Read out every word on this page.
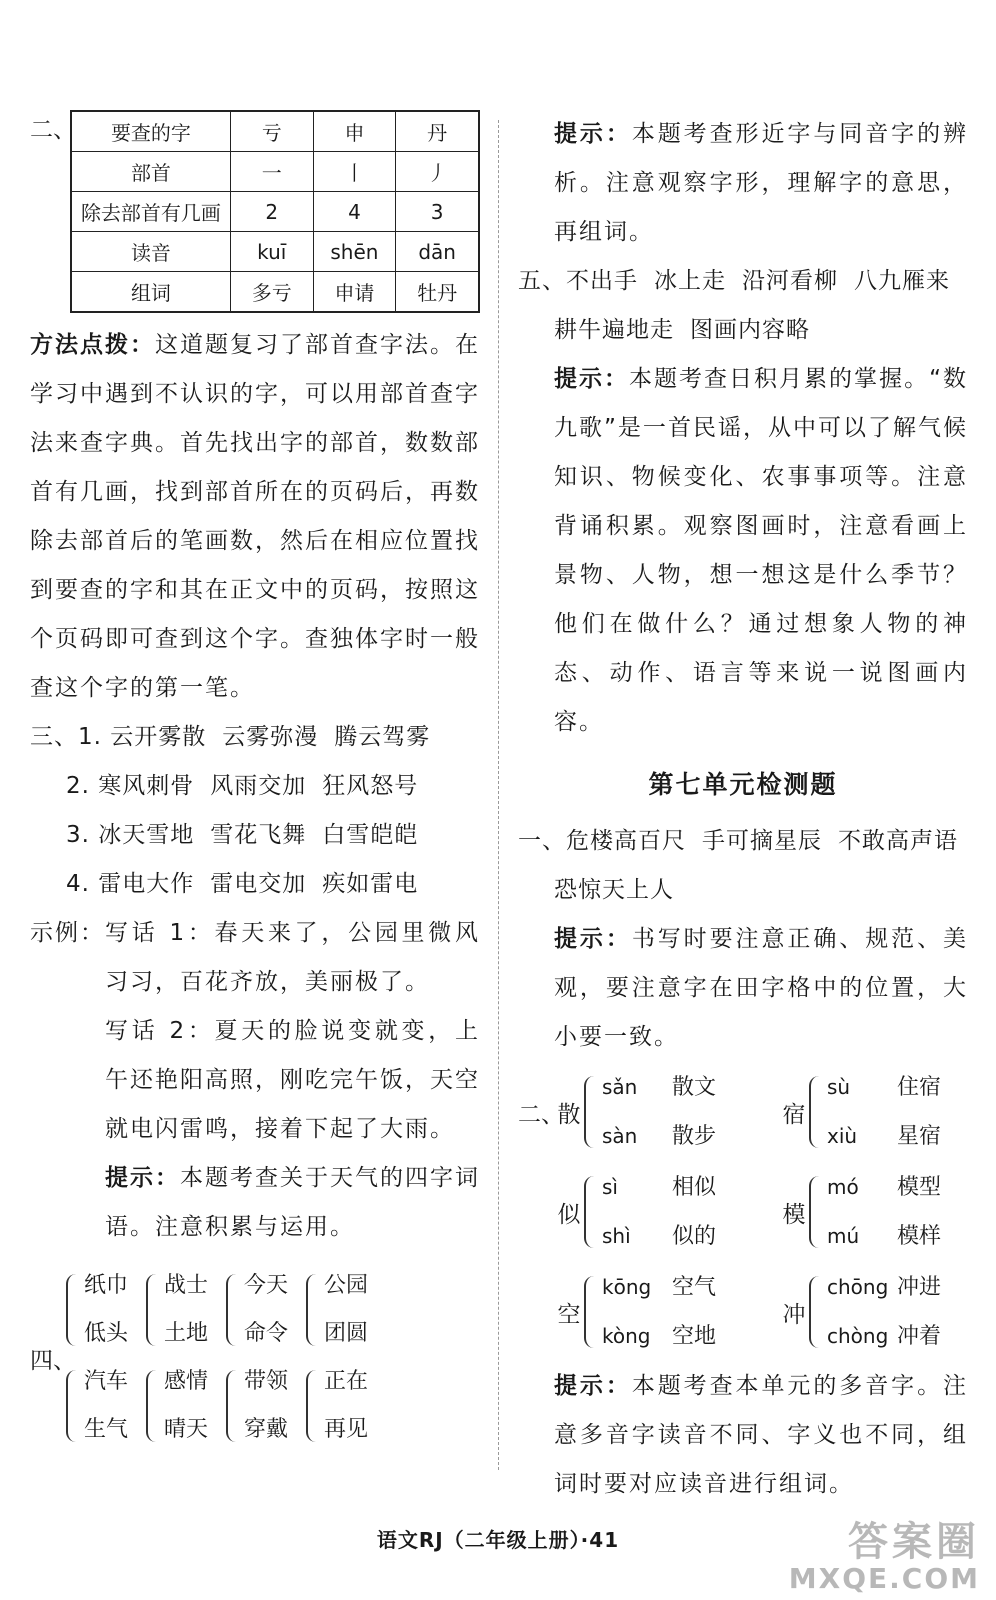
二、 要查的字	亏	申	丹
部首	一	丨	丿
除去部首有几画	2	4	3
读音	kuī	shēn	dān
组词	多亏	申请	牡丹
方法点拨：这道题复习了部首查字法。在学习中遇到不认识的字，可以用部首查字法来查字典。首先找出字的部首，数数部首有几画，找到部首所在的页码后，再数除去部首后的笔画数，然后在相应位置找到要查的字和其在正文中的页码，按照这个页码即可查到这个字。查独体字时一般查这个字的第一笔。
三、1. 云开雾散 云雾弥漫 腾云驾雾
2. 寒风刺骨 风雨交加 狂风怒号
3. 冰天雪地 雪花飞舞 白雪皑皑
4. 雷电大作 雷电交加 疾如雷电
示例： 写话 1：春天来了，公园里微风习习，百花齐放，美丽极了。
写话 2：夏天的脸说变就变，上午还艳阳高照，刚吃完午饭，天空就电闪雷鸣，接着下起了大雨。
提示：本题考查关于天气的四字词语。注意积累与运用。
四、
纸巾
低头
战士
土地
今天
命令
公园
团圆
汽车
生气
感情
晴天
带领
穿戴
正在
再见
提示：本题考查形近字与同音字的辨析。注意观察字形，理解字的意思，再组词。
五、不出手 冰上走 沿河看柳 八九雁来
耕牛遍地走 图画内容略
提示：本题考查日积月累的掌握。“数九歌”是一首民谣，从中可以了解气候知识、物候变化、农事事项等。注意背诵积累。观察图画时，注意看画上景物、人物，想一想这是什么季节？他们在做什么？通过想象人物的神态、动作、语言等来说一说图画内容。
第七单元检测题
一、危楼高百尺 手可摘星辰 不敢高声语
恐惊天上人
提示：书写时要注意正确、规范、美观，要注意字在田字格中的位置，大小要一致。
二、
散
sǎn 散文
sàn 散步
宿
sù 住宿
xiù 星宿
似
sì 相似
shì 似的
模
mó 模型
mú 模样
空
kōng 空气
kòng 空地
冲
chōng 冲进
chòng 冲着
提示：本题考查本单元的多音字。注意多音字读音不同、字义也不同，组词时要对应读音进行组词。
语文RJ（二年级上册）·41	答案圈
MXQE.COM
